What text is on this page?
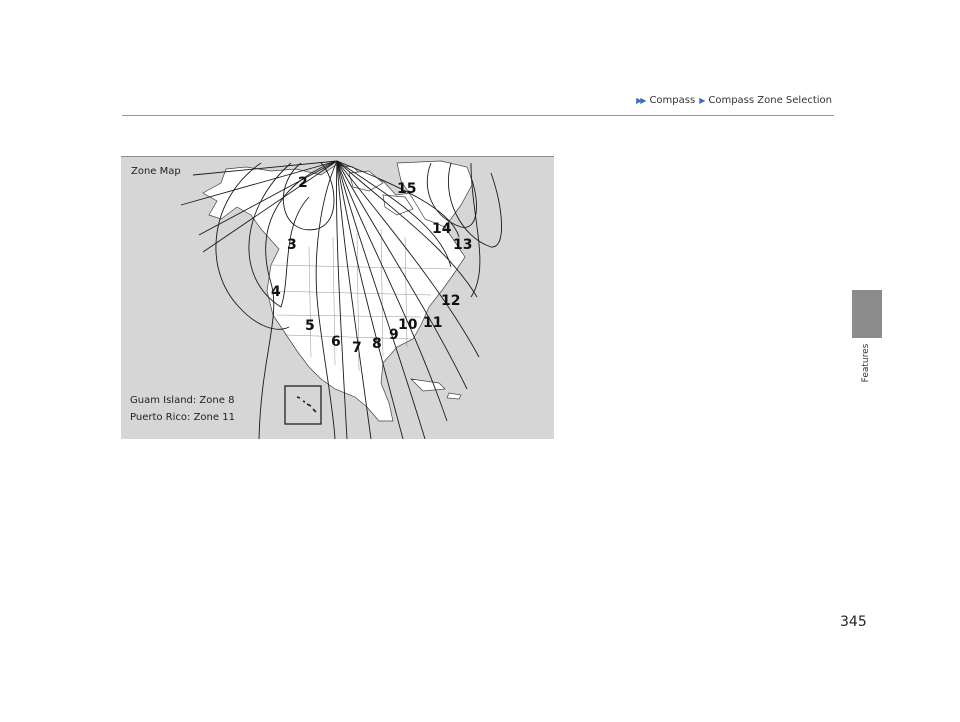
▶▶ Compass ▶ Compass Zone Selection
Features
2
3
4
5
6 7 8
9
10 11
12
13
14
15
Zone Map
Guam Island: Zone 8
Puerto Rico: Zone 11
345
